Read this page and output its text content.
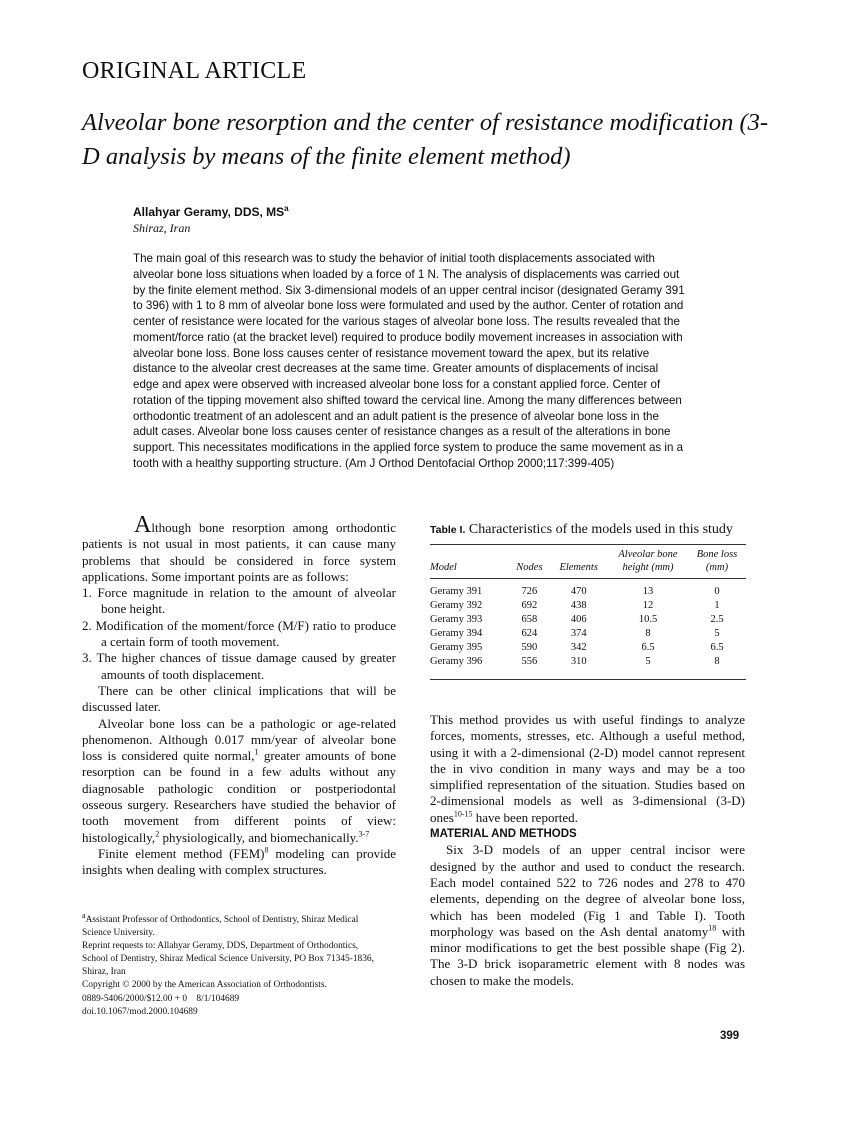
ORIGINAL ARTICLE
Alveolar bone resorption and the center of resistance modification (3-D analysis by means of the finite element method)
Allahyar Geramy, DDS, $MS^a$
Shiraz, Iran
The main goal of this research was to study the behavior of initial tooth displacements associated with
alveolar bone loss situations when loaded by a force of 1 N. The analysis of displacements was carried out
by the finite element method. Six 3-dimensional models of an upper central incisor (designated Geramy 391
to 396) with 1 to 8 mm of alveolar bone loss were formulated and used by the author. Center of rotation and
center of resistance were located for the various stages of alveolar bone loss. The results revealed that the
moment/force ratio (at the bracket level) required to produce bodily movement increases in association with
alveolar bone loss. Bone loss causes center of resistance movement toward the apex, but its relative
distance to the alveolar crest decreases at the same time. Greater amounts of displacements of incisal
edge and apex were observed with increased alveolar bone loss for a constant applied force. Center of
rotation of the tipping movement also shifted toward the cervical line. Among the many differences between
orthodontic treatment of an adolescent and an adult patient is the presence of alveolar bone loss in the
adult cases. Alveolar bone loss causes center of resistance changes as a result of the alterations in bone
support. This necessitates modifications in the applied force system to produce the same movement as in a
tooth with a healthy supporting structure. (Am J Orthod Dentofacial Orthop 2000;117:399-405)

Although bone resorption among orthodontic patients is not usual in most patients, it can cause many problems that should be considered in force system applications. Some important points are as follows:

1. Force magnitude in relation to the amount of alveolar bone height.
2. Modification of the moment/force (M/F) ratio to produce a certain form of tooth movement.
3. The higher chances of tissue damage caused by greater amounts of tooth displacement.

There can be other clinical implications that will be discussed later.

Alveolar bone loss can be a pathologic or age-related phenomenon. Although 0.017 mm/year of alveolar bone loss is considered quite normal,$^1$ greater amounts of bone resorption can be found in a few adults without any diagnosable pathologic condition or postperiodontal osseous surgery. Researchers have studied the behavior of tooth movement from different points of view: histologically,$^2$ physiologically, and biomechanically.$^{3-7}$

Finite element method (FEM)$^8$ modeling can provide insights when dealing with complex structures.

$^a$Assistant Professor of Orthodontics, School of Dentistry, Shiraz Medical
Science University.
Reprint requests to: Allahyar Geramy, DDS, Department of Orthodontics,
School of Dentistry, Shiraz Medical Science University, PO Box 71345-1836,
Shiraz, Iran
Copyright © 2000 by the American Association of Orthodontists.
0889-5406/2000/$12.00 + 0    8/1/104689
doi.10.1067/mod.2000.104689
Table I. Characteristics of the models used in this study
Model	Nodes	Elements	Alveolar bone height (mm)	Bone loss (mm)
Geramy 391	726	470	13	0
Geramy 392	692	438	12	1
Geramy 393	658	406	10.5	2.5
Geramy 394	624	374	8	5
Geramy 395	590	342	6.5	6.5
Geramy 396	556	310	5	8

This method provides us with useful findings to analyze forces, moments, stresses, etc. Although a useful method, using it with a 2-dimensional (2-D) model cannot represent the in vivo condition in many ways and may be a too simplified representation of the situation. Studies based on 2-dimensional models as well as 3-dimensional (3-D) ones$^{10-15}$ have been reported.

MATERIAL AND METHODS

Six 3-D models of an upper central incisor were designed by the author and used to conduct the research. Each model contained 522 to 726 nodes and 278 to 470 elements, depending on the degree of alveolar bone loss, which has been modeled (Fig 1 and Table I). Tooth morphology was based on the Ash dental anatomy$^{18}$ with minor modifications to get the best possible shape (Fig 2). The 3-D brick isoparametric element with 8 nodes was chosen to make the models.

399
